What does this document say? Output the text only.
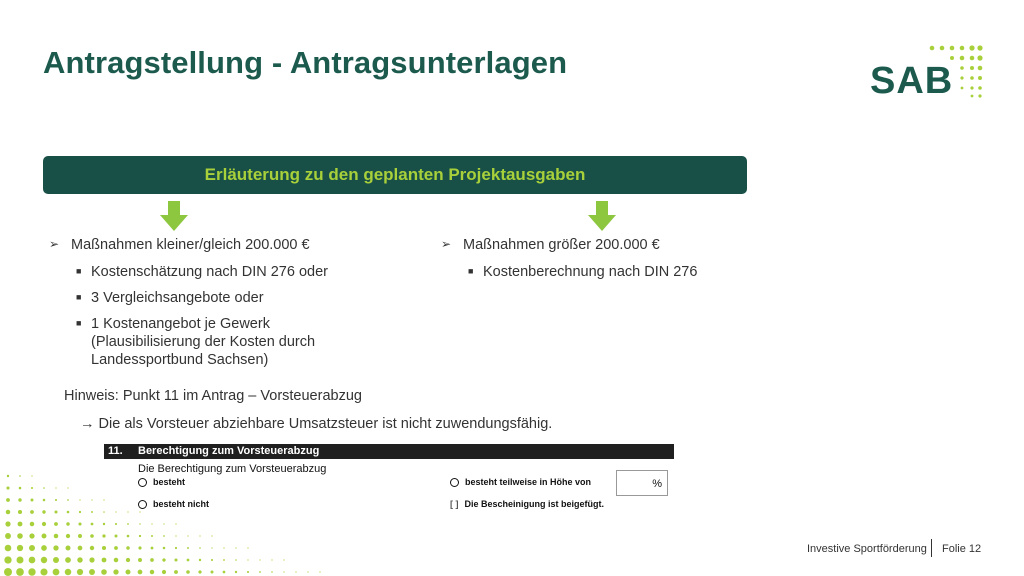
Antragstellung - Antragsunterlagen	SAB
Erläuterung zu den geplanten Projektausgaben
➢ Maßnahmen kleiner/gleich 200.000 €
■ Kostenschätzung nach DIN 276 oder
■ 3 Vergleichsangebote oder
■ 1 Kostenangebot je Gewerk
(Plausibilisierung der Kosten durch
Landessportbund Sachsen)
➢ Maßnahmen größer 200.000 €
■ Kostenberechnung nach DIN 276
Hinweis: Punkt 11 im Antrag – Vorsteuerabzug
→ Die als Vorsteuer abziehbare Umsatzsteuer ist nicht zuwendungsfähig.
11. Berechtigung zum Vorsteuerabzug
Die Berechtigung zum Vorsteuerabzug
besteht
besteht nicht
besteht teilweise in Höhe von	%
[ ] Die Bescheinigung ist beigefügt.
Investive Sportförderung Folie 12
